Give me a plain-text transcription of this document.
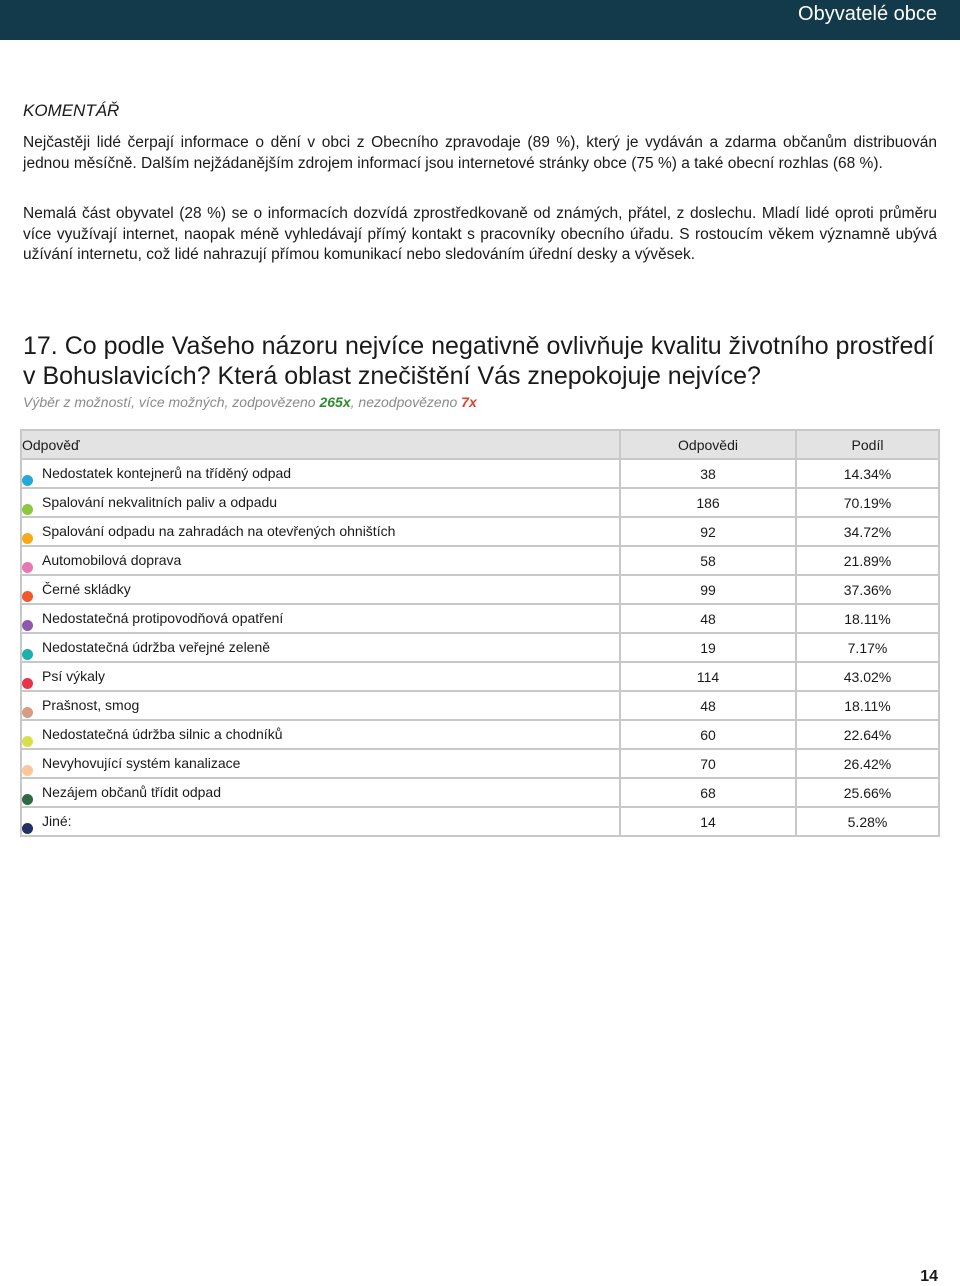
Obyvatelé obce
KOMENTÁŘ
Nejčastěji lidé čerpají informace o dění v obci z Obecního zpravodaje (89 %), který je vydáván a zdarma občanům distribuován jednou měsíčně. Dalším nejžádanějším zdrojem informací jsou internetové stránky obce (75 %) a také obecní rozhlas (68 %).
Nemalá část obyvatel (28 %) se o informacích dozvídá zprostředkovaně od známých, přátel, z doslechu. Mladí lidé oproti průměru více využívají internet, naopak méně vyhledávají přímý kontakt s pracovníky obecního úřadu. S rostoucím věkem významně ubývá užívání internetu, což lidé nahrazují přímou komunikací nebo sledováním úřední desky a vývěsek.
17. Co podle Vašeho názoru nejvíce negativně ovlivňuje kvalitu životního prostředí v Bohuslavicích? Která oblast znečištění Vás znepokojuje nejvíce?
Výběr z možností, více možných, zodpovězeno 265x, nezodpovězeno 7x
Odpověď	Odpovědi	Podíl
Nedostatek kontejnerů na tříděný odpad	38	14.34%
Spalování nekvalitních paliv a odpadu	186	70.19%
Spalování odpadu na zahradách na otevřených ohništích	92	34.72%
Automobilová doprava	58	21.89%
Černé skládky	99	37.36%
Nedostatečná protipovodňová opatření	48	18.11%
Nedostatečná údržba veřejné zeleně	19	7.17%
Psí výkaly	114	43.02%
Prašnost, smog	48	18.11%
Nedostatečná údržba silnic a chodníků	60	22.64%
Nevyhovující systém kanalizace	70	26.42%
Nezájem občanů třídit odpad	68	25.66%
Jiné:	14	5.28%
14
